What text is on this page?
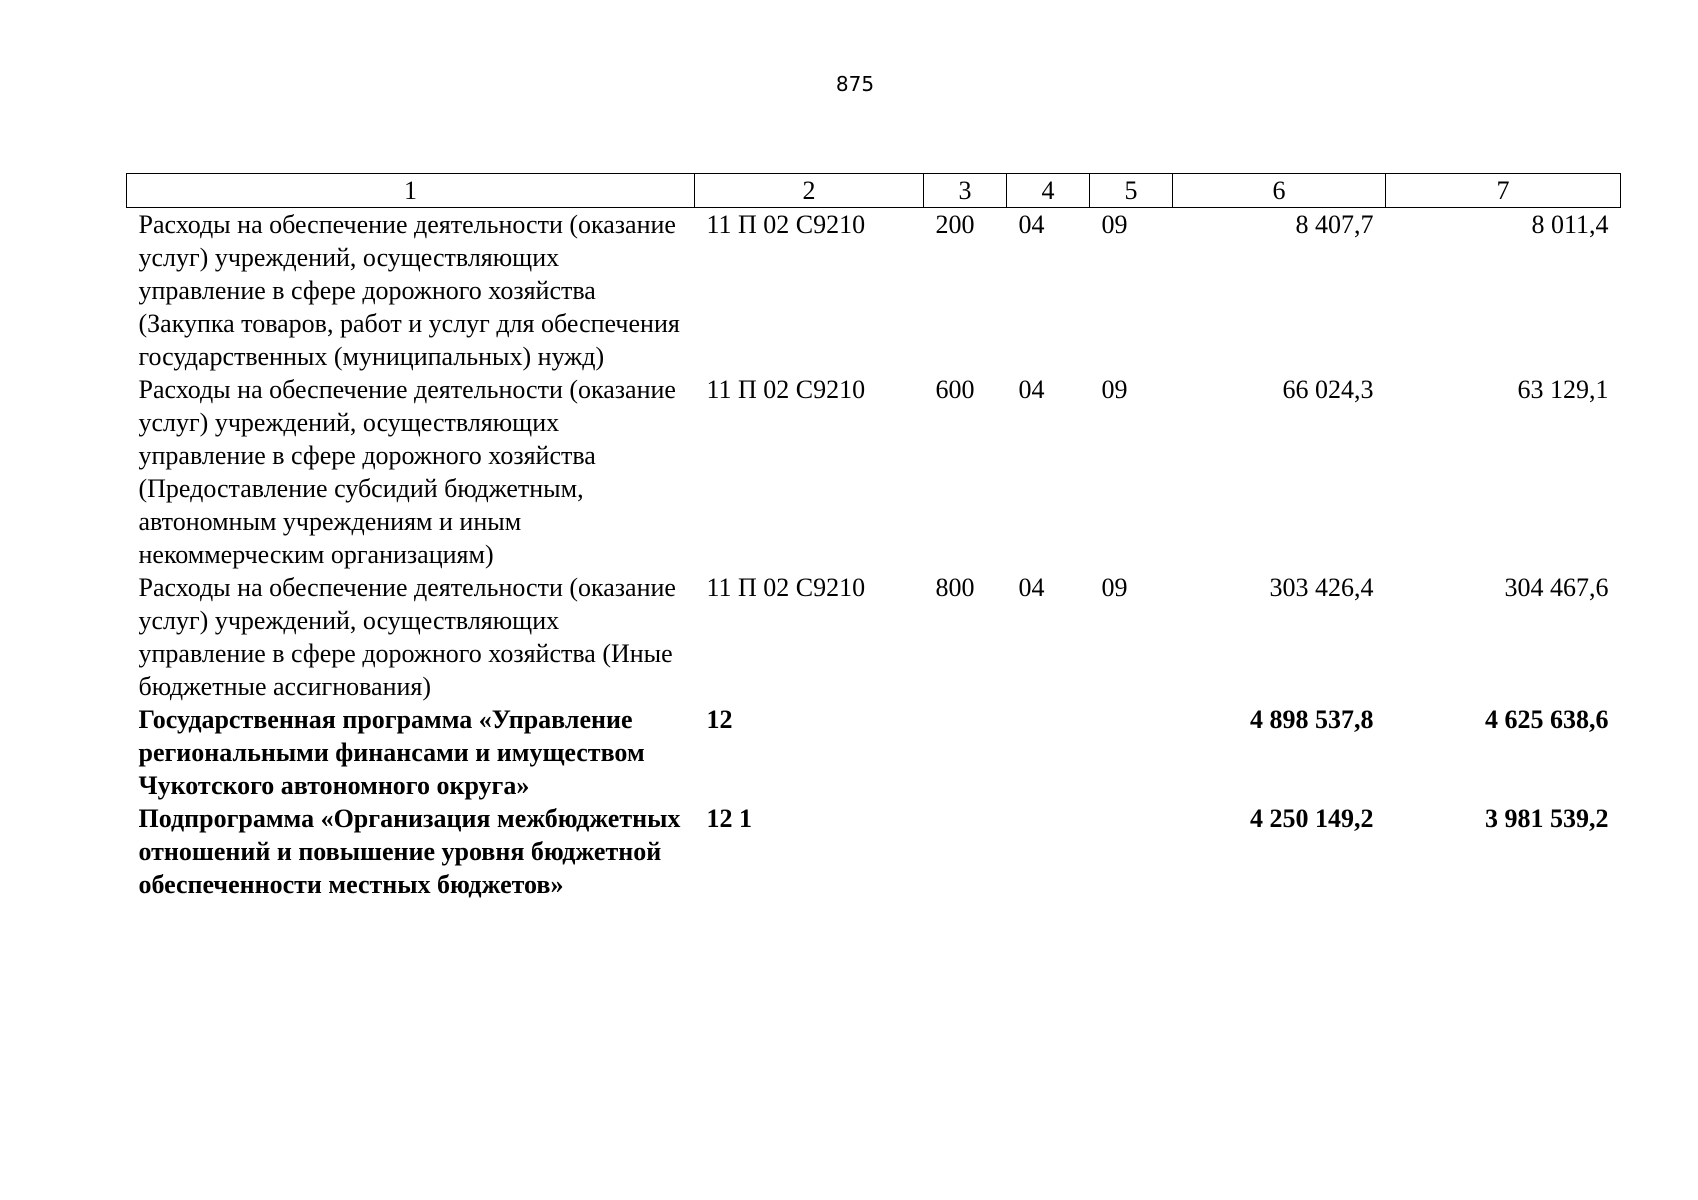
875
1	2	3	4	5	6	7
Расходы на обеспечение деятельности (оказание услуг) учреждений, осуществляющих управление в сфере дорожного хозяйства (Закупка товаров, работ и услуг для обеспечения государственных (муниципальных) нужд)	11 П 02 С9210	200	04	09	8 407,7	8 011,4
Расходы на обеспечение деятельности (оказание услуг) учреждений, осуществляющих управление в сфере дорожного хозяйства (Предоставление субсидий бюджетным, автономным учреждениям и иным некоммерческим организациям)	11 П 02 С9210	600	04	09	66 024,3	63 129,1
Расходы на обеспечение деятельности (оказание услуг) учреждений, осуществляющих управление в сфере дорожного хозяйства (Иные бюджетные ассигнования)	11 П 02 С9210	800	04	09	303 426,4	304 467,6
Государственная программа «Управление региональными финансами и имуществом Чукотского автономного округа»	12				4 898 537,8	4 625 638,6
Подпрограмма «Организация межбюджетных отношений и повышение уровня бюджетной обеспеченности местных бюджетов»	12 1				4 250 149,2	3 981 539,2
